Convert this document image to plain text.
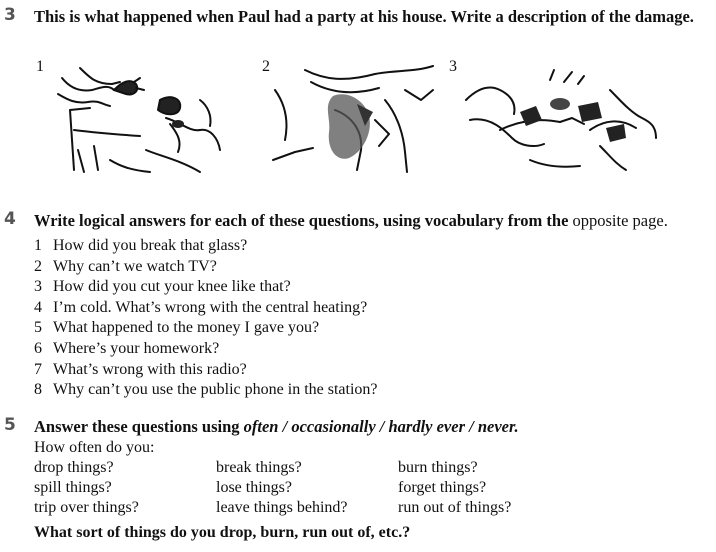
3 This is what happened when Paul had a party at his house. Write a description of the damage.
1	2	3
4 Write logical answers for each of these questions, using vocabulary from the opposite page.
1 How did you break that glass?
2 Why can’t we watch TV?
3 How did you cut your knee like that?
4 I’m cold. What’s wrong with the central heating?
5 What happened to the money I gave you?
6 Where’s your homework?
7 What’s wrong with this radio?
8 Why can’t you use the public phone in the station?
5 Answer these questions using often / occasionally / hardly ever / never.
How often do you:
drop things?	break things?	burn things?
spill things?	lose things?	forget things?
trip over things?	leave things behind?	run out of things?
What sort of things do you drop, burn, run out of, etc.?
